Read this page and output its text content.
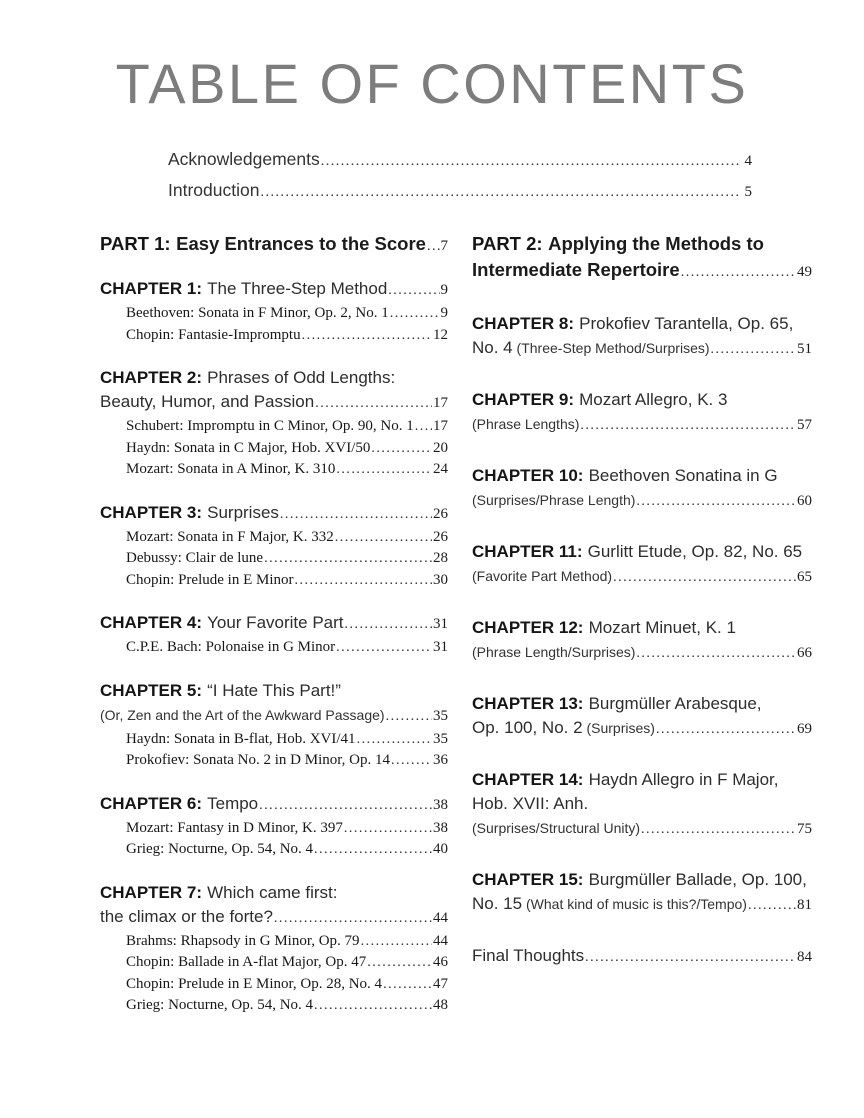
TABLE OF CONTENTS
Acknowledgements .....	4
Introduction .....	5
PART 1: Easy Entrances to the Score ..... 7
CHAPTER 1: The Three-Step Method .....	9
Beethoven: Sonata in F Minor, Op. 2, No. 1 .....	9
Chopin: Fantasie-Impromptu .....	12
CHAPTER 2: Phrases of Odd Lengths:
Beauty, Humor, and Passion .....	17
Schubert: Impromptu in C Minor, Op. 90, No. 1 ..... 17
Haydn: Sonata in C Major, Hob. XVI/50 .....	20
Mozart: Sonata in A Minor, K. 310 .....	24
CHAPTER 3: Surprises .....	26
Mozart: Sonata in F Major, K. 332 .....	26
Debussy: Clair de lune .....	28
Chopin: Prelude in E Minor .....	30
CHAPTER 4: Your Favorite Part .....	31
C.P.E. Bach: Polonaise in G Minor .....	31
CHAPTER 5: “I Hate This Part!”
(Or, Zen and the Art of the Awkward Passage) .....	35
Haydn: Sonata in B-flat, Hob. XVI/41 .....	35
Prokofiev: Sonata No. 2 in D Minor, Op. 14 .....	36
CHAPTER 6: Tempo .....	38
Mozart: Fantasy in D Minor, K. 397 .....	38
Grieg: Nocturne, Op. 54, No. 4 .....	40
CHAPTER 7: Which came first:
the climax or the forte? .....	44
Brahms: Rhapsody in G Minor, Op. 79 .....	44
Chopin: Ballade in A-flat Major, Op. 47 .....	46
Chopin: Prelude in E Minor, Op. 28, No. 4 .....	47
Grieg: Nocturne, Op. 54, No. 4 .....	48
PART 2: Applying the Methods to
Intermediate Repertoire .....	49
CHAPTER 8: Prokofiev Tarantella, Op. 65,
No. 4 (Three-Step Method/Surprises) .....	51
CHAPTER 9: Mozart Allegro, K. 3
(Phrase Lengths) .....	57
CHAPTER 10: Beethoven Sonatina in G
(Surprises/Phrase Length) .....	60
CHAPTER 11: Gurlitt Etude, Op. 82, No. 65
(Favorite Part Method) .....	65
CHAPTER 12: Mozart Minuet, K. 1
(Phrase Length/Surprises) .....	66
CHAPTER 13: Burgmüller Arabesque,
Op. 100, No. 2 (Surprises) .....	69
CHAPTER 14: Haydn Allegro in F Major,
Hob. XVII: Anh.
(Surprises/Structural Unity) .....	75
CHAPTER 15: Burgmüller Ballade, Op. 100,
No. 15 (What kind of music is this?/Tempo) .....	81
Final Thoughts .....	84
